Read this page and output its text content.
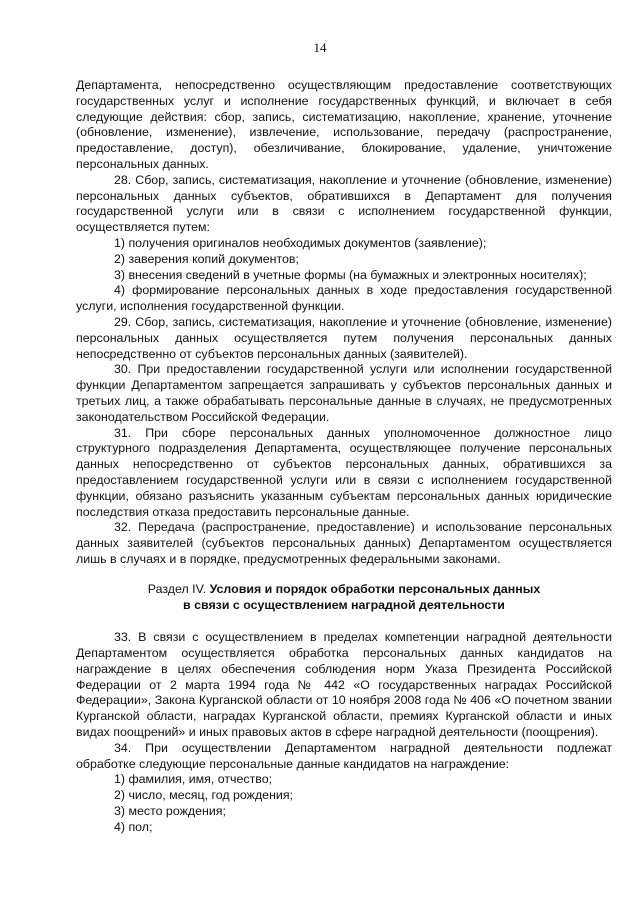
14

Департамента, непосредственно осуществляющим предоставление соответствующих государственных услуг и исполнение государственных функций, и включает в себя следующие действия: сбор, запись, систематизацию, накопление, хранение, уточнение (обновление, изменение), извлечение, использование, передачу (распространение, предоставление, доступ), обезличивание, блокирование, удаление, уничтожение персональных данных.

28. Сбор, запись, систематизация, накопление и уточнение (обновление, изменение) персональных данных субъектов, обратившихся в Департамент для получения государственной услуги или в связи с исполнением государственной функции, осуществляется путем:

1) получения оригиналов необходимых документов (заявление);

2) заверения копий документов;

3) внесения сведений в учетные формы (на бумажных и электронных носителях);

4) формирование персональных данных в ходе предоставления государственной услуги, исполнения государственной функции.

29. Сбор, запись, систематизация, накопление и уточнение (обновление, изменение) персональных данных осуществляется путем получения персональных данных непосредственно от субъектов персональных данных (заявителей).

30. При предоставлении государственной услуги или исполнении государственной функции Департаментом запрещается запрашивать у субъектов персональных данных и третьих лиц, а также обрабатывать персональные данные в случаях, не предусмотренных законодательством Российской Федерации.

31. При сборе персональных данных уполномоченное должностное лицо структурного подразделения Департамента, осуществляющее получение персональных данных непосредственно от субъектов персональных данных, обратившихся за предоставлением государственной услуги или в связи с исполнением государственной функции, обязано разъяснить указанным субъектам персональных данных юридические последствия отказа предоставить персональные данные.

32. Передача (распространение, предоставление) и использование персональных данных заявителей (субъектов персональных данных) Департаментом осуществляется лишь в случаях и в порядке, предусмотренных федеральными законами.

Раздел IV. Условия и порядок обработки персональных данных
в связи с осуществлением наградной деятельности

33. В связи с осуществлением в пределах компетенции наградной деятельности Департаментом осуществляется обработка персональных данных кандидатов на награждение в целях обеспечения соблюдения норм Указа Президента Российской Федерации от 2 марта 1994 года № 442 «О государственных наградах Российской Федерации», Закона Курганской области от 10 ноября 2008 года № 406 «О почетном звании Курганской области, наградах Курганской области, премиях Курганской области и иных видах поощрений» и иных правовых актов в сфере наградной деятельности (поощрения).

34. При осуществлении Департаментом наградной деятельности подлежат обработке следующие персональные данные кандидатов на награждение:

1) фамилия, имя, отчество;

2) число, месяц, год рождения;

3) место рождения;

4) пол;
